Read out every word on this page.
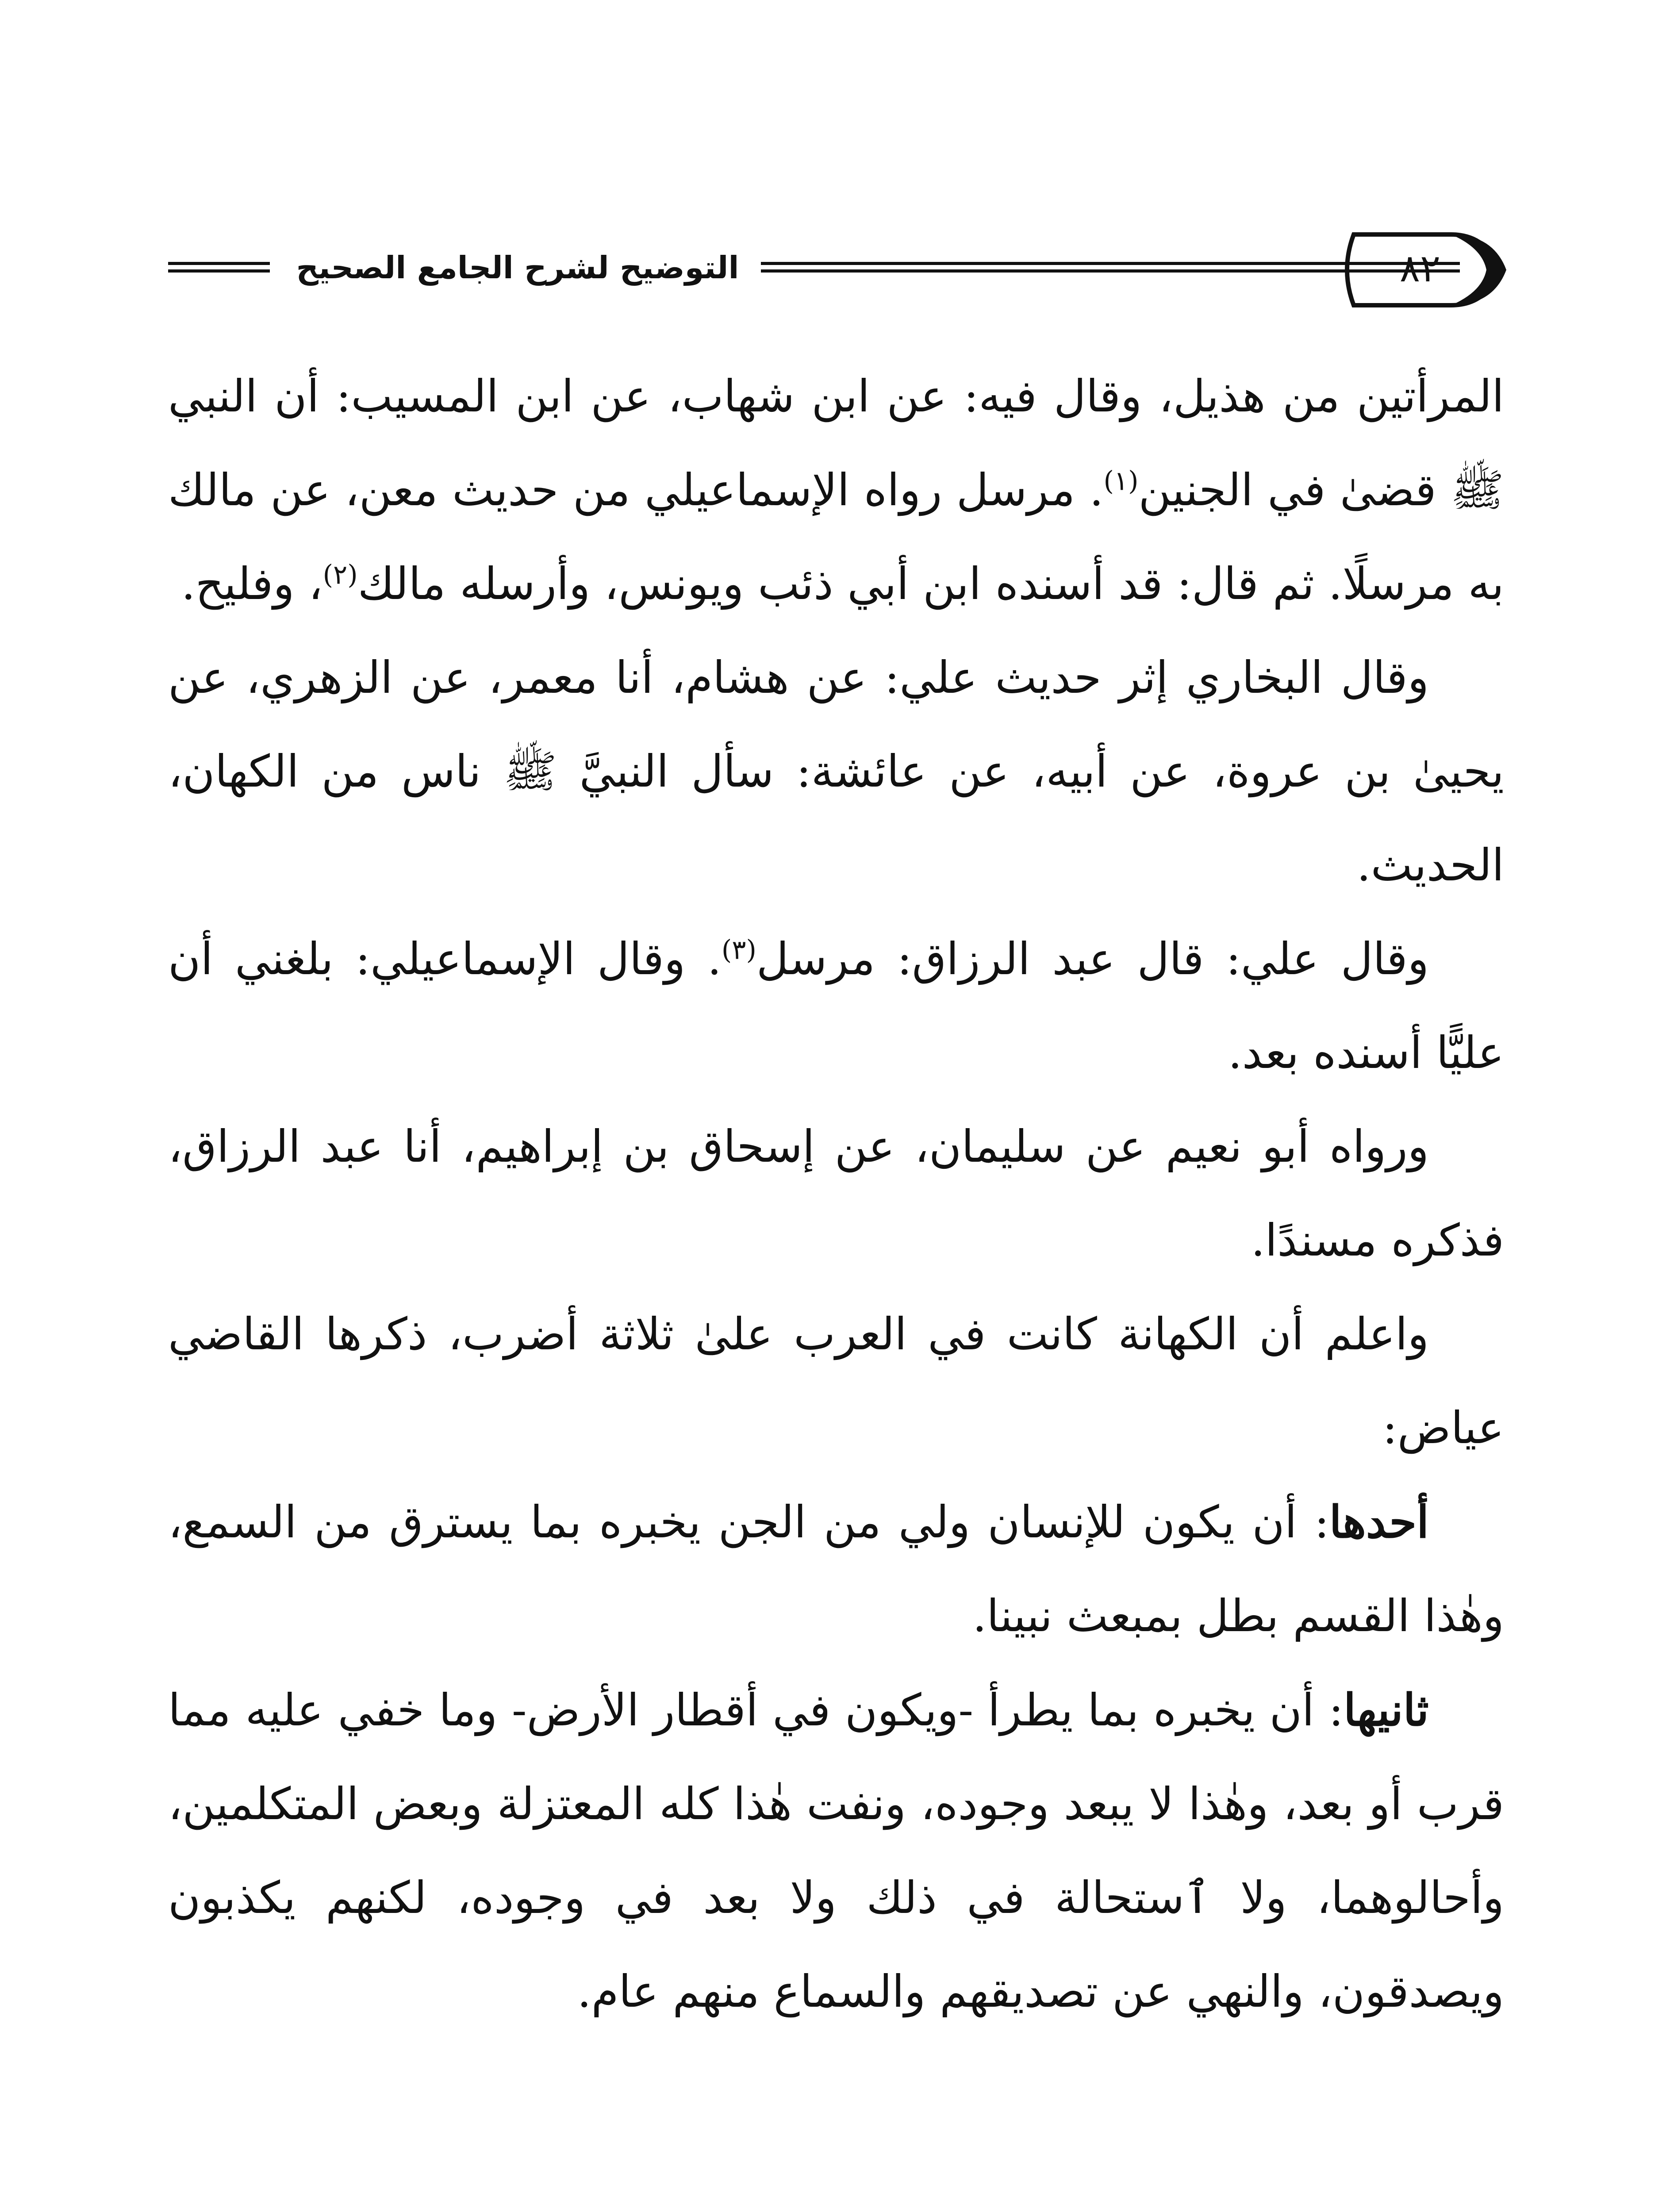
التوضيح لشرح الجامع الصحيح	٨٢

المرأتين من هذيل، وقال فيه: عن ابن شهاب، عن ابن المسيب: أن النبي ﷺ قضىٰ في الجنين$^{(١)}$. مرسل رواه الإسماعيلي من حديث معن، عن مالك به مرسلًا. ثم قال: قد أسنده ابن أبي ذئب ويونس، وأرسله مالك$^{(٢)}$، وفليح.

وقال البخاري إثر حديث علي: عن هشام، أنا معمر، عن الزهري، عن يحيىٰ بن عروة، عن أبيه، عن عائشة: سأل النبيَّ ﷺ ناس من الكهان، الحديث.

وقال علي: قال عبد الرزاق: مرسل$^{(٣)}$. وقال الإسماعيلي: بلغني أن عليًّا أسنده بعد.

ورواه أبو نعيم عن سليمان، عن إسحاق بن إبراهيم، أنا عبد الرزاق، فذكره مسندًا.

واعلم أن الكهانة كانت في العرب علىٰ ثلاثة أضرب، ذكرها القاضي عياض:

أحدها: أن يكون للإنسان ولي من الجن يخبره بما يسترق من السمع، وهٰذا القسم بطل بمبعث نبينا.

ثانيها: أن يخبره بما يطرأ -ويكون في أقطار الأرض- وما خفي عليه مما قرب أو بعد، وهٰذا لا يبعد وجوده، ونفت هٰذا كله المعتزلة وبعض المتكلمين، وأحالوهما، ولا ٱستحالة في ذلك ولا بعد في وجوده، لكنهم يكذبون ويصدقون، والنهي عن تصديقهم والسماع منهم عام.
